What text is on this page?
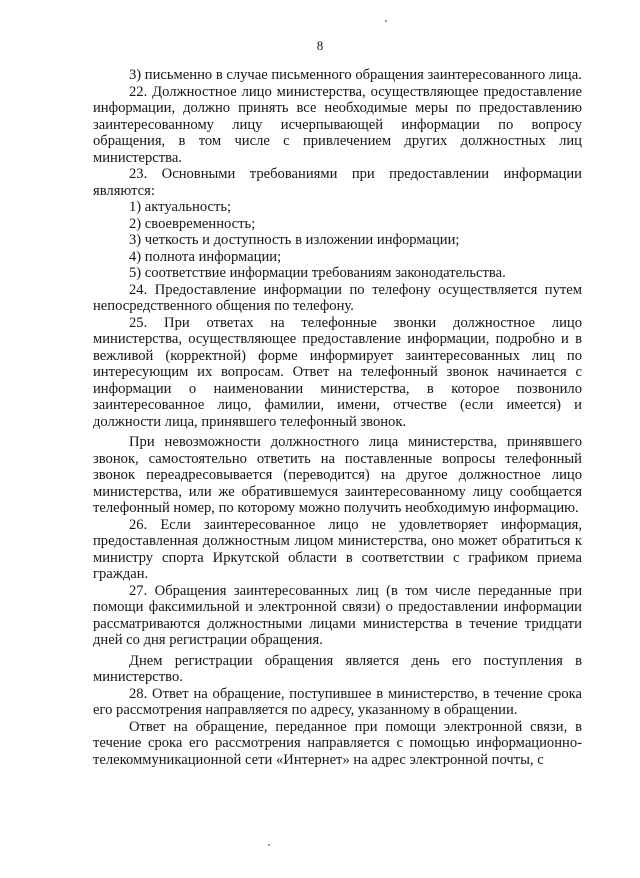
8

3) письменно в случае письменного обращения заинтересованного лица.

22. Должностное лицо министерства, осуществляющее предоставление информации, должно принять все необходимые меры по предоставлению заинтересованному лицу исчерпывающей информации по вопросу обращения, в том числе с привлечением других должностных лиц министерства.

23. Основными требованиями при предоставлении информации являются:

1) актуальность;

2) своевременность;

3) четкость и доступность в изложении информации;

4) полнота информации;

5) соответствие информации требованиям законодательства.

24. Предоставление информации по телефону осуществляется путем непосредственного общения по телефону.

25. При ответах на телефонные звонки должностное лицо министерства, осуществляющее предоставление информации, подробно и в вежливой (корректной) форме информирует заинтересованных лиц по интересующим их вопросам. Ответ на телефонный звонок начинается с информации о наименовании министерства, в которое позвонило заинтересованное лицо, фамилии, имени, отчестве (если имеется) и должности лица, принявшего телефонный звонок.

При невозможности должностного лица министерства, принявшего звонок, самостоятельно ответить на поставленные вопросы телефонный звонок переадресовывается (переводится) на другое должностное лицо министерства, или же обратившемуся заинтересованному лицу сообщается телефонный номер, по которому можно получить необходимую информацию.

26. Если заинтересованное лицо не удовлетворяет информация, предоставленная должностным лицом министерства, оно может обратиться к министру спорта Иркутской области в соответствии с графиком приема граждан.

27. Обращения заинтересованных лиц (в том числе переданные при помощи факсимильной и электронной связи) о предоставлении информации рассматриваются должностными лицами министерства в течение тридцати дней со дня регистрации обращения.

Днем регистрации обращения является день его поступления в министерство.

28. Ответ на обращение, поступившее в министерство, в течение срока его рассмотрения направляется по адресу, указанному в обращении.

Ответ на обращение, переданное при помощи электронной связи, в течение срока его рассмотрения направляется с помощью информационно-телекоммуникационной сети «Интернет» на адрес электронной почты, с
